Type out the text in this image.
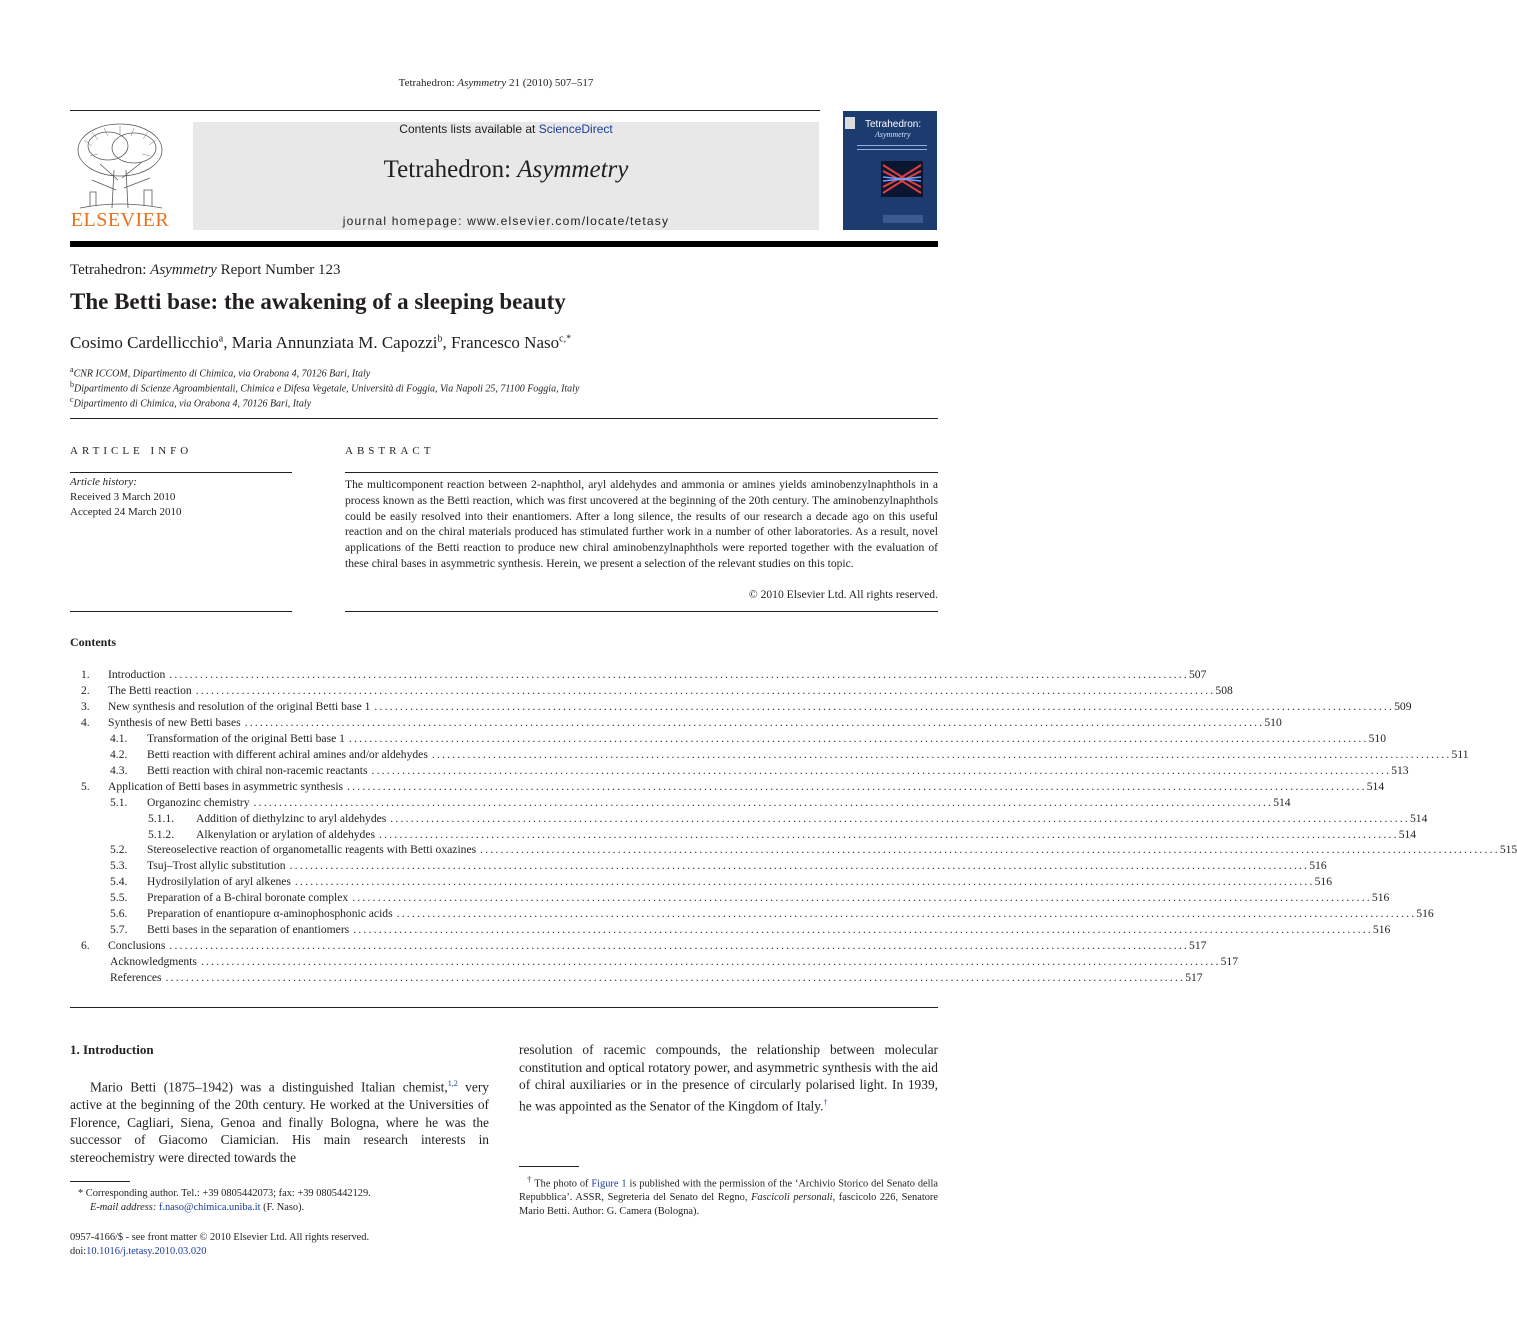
Tetrahedron: Asymmetry 21 (2010) 507–517
ELSEVIER
Contents lists available at ScienceDirect
Tetrahedron: Asymmetry
journal homepage: www.elsevier.com/locate/tetasy
Tetrahedron:
Asymmetry
Tetrahedron: Asymmetry Report Number 123
The Betti base: the awakening of a sleeping beauty
Cosimo Cardellicchio$^a$, Maria Annunziata M. Capozzi$^b$, Francesco Naso$^{c,*}$
$^a$CNR ICCOM, Dipartimento di Chimica, via Orabona 4, 70126 Bari, Italy
$^b$Dipartimento di Scienze Agroambientali, Chimica e Difesa Vegetale, Università di Foggia, Via Napoli 25, 71100 Foggia, Italy
$^c$Dipartimento di Chimica, via Orabona 4, 70126 Bari, Italy
ARTICLE INFO
Article history:
Received 3 March 2010
Accepted 24 March 2010
ABSTRACT
The multicomponent reaction between 2-naphthol, aryl aldehydes and ammonia or amines yields aminobenzylnaphthols in a process known as the Betti reaction, which was first uncovered at the beginning of the 20th century. The aminobenzylnaphthols could be easily resolved into their enantiomers. After a long silence, the results of our research a decade ago on this useful reaction and on the chiral materials produced has stimulated further work in a number of other laboratories. As a result, novel applications of the Betti reaction to produce new chiral aminobenzylnaphthols were reported together with the evaluation of these chiral bases in asymmetric synthesis. Herein, we present a selection of the relevant studies on this topic.
© 2010 Elsevier Ltd. All rights reserved.
Contents
1. Introduction ........................................................................................................................................................................................................ 507
2. The Betti reaction ........................................................................................................................................................................................................ 508
3. New synthesis and resolution of the original Betti base 1 ........................................................................................................................................................................................................ 509
4. Synthesis of new Betti bases ........................................................................................................................................................................................................ 510
4.1. Transformation of the original Betti base 1 ........................................................................................................................................................................................................ 510
4.2. Betti reaction with different achiral amines and/or aldehydes ........................................................................................................................................................................................................ 511
4.3. Betti reaction with chiral non-racemic reactants ........................................................................................................................................................................................................ 513
5. Application of Betti bases in asymmetric synthesis ........................................................................................................................................................................................................ 514
5.1. Organozinc chemistry ........................................................................................................................................................................................................ 514
5.1.1. Addition of diethylzinc to aryl aldehydes ........................................................................................................................................................................................................ 514
5.1.2. Alkenylation or arylation of aldehydes ........................................................................................................................................................................................................ 514
5.2. Stereoselective reaction of organometallic reagents with Betti oxazines ........................................................................................................................................................................................................ 515
5.3. Tsuj–Trost allylic substitution ........................................................................................................................................................................................................ 516
5.4. Hydrosilylation of aryl alkenes ........................................................................................................................................................................................................ 516
5.5. Preparation of a B-chiral boronate complex ........................................................................................................................................................................................................ 516
5.6. Preparation of enantiopure α-aminophosphonic acids ........................................................................................................................................................................................................ 516
5.7. Betti bases in the separation of enantiomers ........................................................................................................................................................................................................ 516
6. Conclusions ........................................................................................................................................................................................................ 517
Acknowledgments ........................................................................................................................................................................................................ 517
References ........................................................................................................................................................................................................ 517
1. Introduction
Mario Betti (1875–1942) was a distinguished Italian chemist,$^{1,2}$ very active at the beginning of the 20th century. He worked at the Universities of Florence, Cagliari, Siena, Genoa and finally Bologna, where he was the successor of Giacomo Ciamician. His main research interests in stereochemistry were directed towards the
resolution of racemic compounds, the relationship between molecular constitution and optical rotatory power, and asymmetric synthesis with the aid of chiral auxiliaries or in the presence of circularly polarised light. In 1939, he was appointed as the Senator of the Kingdom of Italy.†
* Corresponding author. Tel.: +39 0805442073; fax: +39 0805442129.
E-mail address: f.naso@chimica.uniba.it (F. Naso).
† The photo of Figure 1 is published with the permission of the ‘Archivio Storico del Senato della Repubblica’. ASSR, Segreteria del Senato del Regno, Fascicoli personali, fascicolo 226, Senatore Mario Betti. Author: G. Camera (Bologna).
0957-4166/$ - see front matter © 2010 Elsevier Ltd. All rights reserved.
doi:10.1016/j.tetasy.2010.03.020
